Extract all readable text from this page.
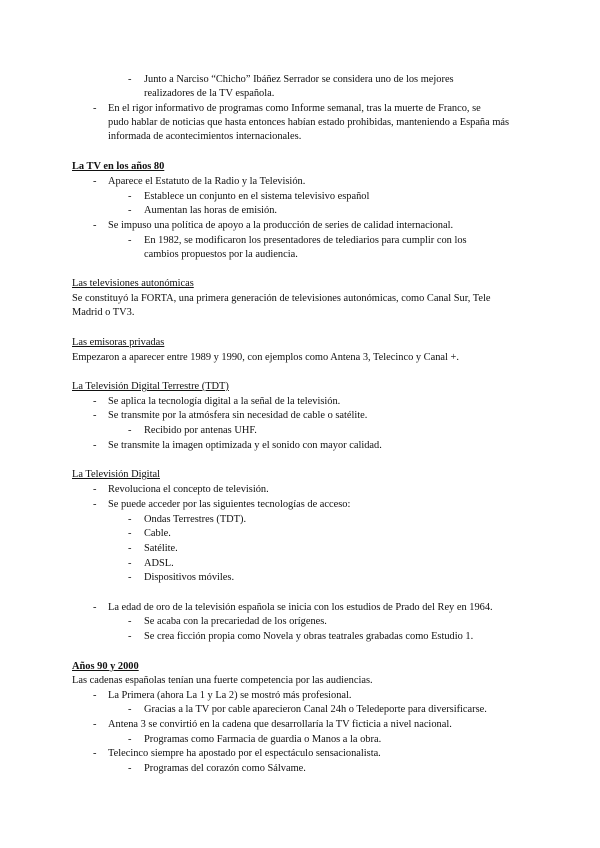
- Junto a Narciso “Chicho” Ibáñez Serrador se considera uno de los mejores
realizadores de la TV española.
- En el rigor informativo de programas como Informe semanal, tras la muerte de Franco, se
pudo hablar de noticias que hasta entonces habían estado prohibidas, manteniendo a España más
informada de acontecimientos internacionales.
La TV en los años 80
- Aparece el Estatuto de la Radio y la Televisión.
- Establece un conjunto en el sistema televisivo español
- Aumentan las horas de emisión.
- Se impuso una política de apoyo a la producción de series de calidad internacional.
- En 1982, se modificaron los presentadores de telediarios para cumplir con los
cambios propuestos por la audiencia.
Las televisiones autonómicas
Se constituyó la FORTA, una primera generación de televisiones autonómicas, como Canal Sur, Tele
Madrid o TV3.
Las emisoras privadas
Empezaron a aparecer entre 1989 y 1990, con ejemplos como Antena 3, Telecinco y Canal +.
La Televisión Digital Terrestre (TDT)
- Se aplica la tecnología digital a la señal de la televisión.
- Se transmite por la atmósfera sin necesidad de cable o satélite.
- Recibido por antenas UHF.
- Se transmite la imagen optimizada y el sonido con mayor calidad.
La Televisión Digital
- Revoluciona el concepto de televisión.
- Se puede acceder por las siguientes tecnologías de acceso:
- Ondas Terrestres (TDT).
- Cable.
- Satélite.
- ADSL.
- Dispositivos móviles.
- La edad de oro de la televisión española se inicia con los estudios de Prado del Rey en 1964.
- Se acaba con la precariedad de los orígenes.
- Se crea ficción propia como Novela y obras teatrales grabadas como Estudio 1.
Años 90 y 2000
Las cadenas españolas tenían una fuerte competencia por las audiencias.
- La Primera (ahora La 1 y La 2) se mostró más profesional.
- Gracias a la TV por cable aparecieron Canal 24h o Teledeporte para diversificarse.
- Antena 3 se convirtió en la cadena que desarrollaría la TV ficticia a nivel nacional.
- Programas como Farmacia de guardia o Manos a la obra.
- Telecinco siempre ha apostado por el espectáculo sensacionalista.
- Programas del corazón como Sálvame.
